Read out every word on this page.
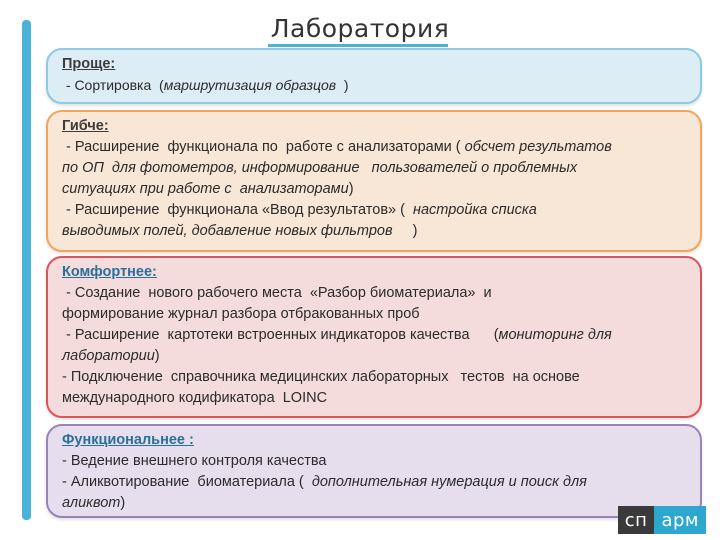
Лаборатория
Проще:
- Сортировка  (маршрутизация образцов  )
Гибче:
- Расширение  функционала по  работе с анализаторами ( обсчет результатов
по ОП  для фотометров, информирование   пользователей о проблемных
ситуациях при работе с  анализаторами)
- Расширение  функционала «Ввод результатов» (  настройка списка
выводимых полей, добавление новых фильтров     )
Комфортнее:
- Создание  нового рабочего места  «Разбор биоматериала»  и
формирование журнал разбора отбракованных проб
- Расширение  картотеки встроенных индикаторов качества      (мониторинг для
лаборатории)
- Подключение  справочника медицинских лабораторных   тестов  на основе
международного кодификатора  LOINC
Функциональнее :
- Ведение внешнего контроля качества
- Аликвотирование  биоматериала (  дополнительная нумерация и поиск для
аликвот)
сп арм
